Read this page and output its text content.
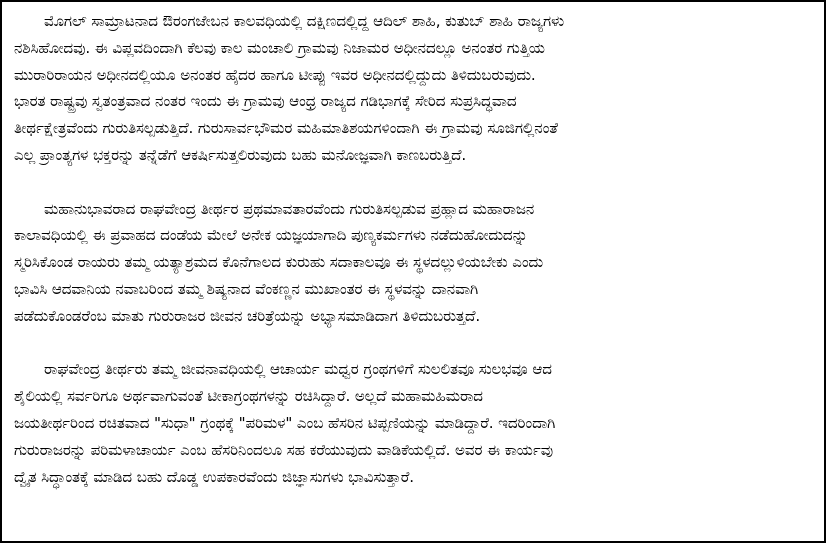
ಮೊಗಲ್ ಸಾಮ್ರಾಟನಾದ ಔರಂಗಜೇಬನ ಕಾಲವಧಿಯಲ್ಲಿ ದಕ್ಷಿಣದಲ್ಲಿದ್ದ ಆದಿಲ್ ಶಾಹಿ, ಕುತುಬ್ ಶಾಹಿ ರಾಜ್ಯಗಳು
ನಶಿಸಿಹೋದವು. ಈ ವಿಪ್ಲವದಿಂದಾಗಿ ಕೆಲವು ಕಾಲ ಮಂಚಾಲಿ ಗ್ರಾಮವು ನಿಜಾಮರ ಅಧೀನದಲ್ಲೂ ಅನಂತರ ಗುತ್ತಿಯ
ಮುರಾರಿರಾಯನ ಅಧೀನದಲ್ಲಿಯೂ ಅನಂತರ ಹೈದರ ಹಾಗೂ ಟೀಪ್ಪು ಇವರ ಅಧೀನದಲ್ಲಿದ್ದುದು ತಿಳಿದುಬರುವುದು.
ಭಾರತ ರಾಷ್ಟ್ರವು ಸ್ವತಂತ್ರವಾದ ನಂತರ ಇಂದು ಈ ಗ್ರಾಮವು ಆಂಧ್ರ ರಾಜ್ಯದ ಗಡಿಭಾಗಕ್ಕೆ ಸೇರಿದ ಸುಪ್ರಸಿದ್ಧವಾದ
ತೀರ್ಥಕ್ಷೇತ್ರವೆಂದು ಗುರುತಿಸಲ್ಪಡುತ್ತಿದೆ. ಗುರುಸಾರ್ವಭೌಮರ ಮಹಿಮಾತಿಶಯಗಳಿಂದಾಗಿ ಈ ಗ್ರಾಮವು ಸೂಜಿಗಲ್ಲಿನಂತೆ
ಎಲ್ಲ ಪ್ರಾಂತ್ಯಗಳ ಭಕ್ತರನ್ನು ತನ್ನೆಡೆಗೆ ಆಕರ್ಷಿಸುತ್ತಲಿರುವುದು ಬಹು ಮನೋಜ್ಞವಾಗಿ ಕಾಣಬರುತ್ತಿದೆ.
ಮಹಾನುಭಾವರಾದ ರಾಘವೇಂದ್ರ ತೀರ್ಥರ ಪ್ರಥಮಾವತಾರವೆಂದು ಗುರುತಿಸಲ್ಪಡುವ ಪ್ರಹ್ಲಾದ ಮಹಾರಾಜನ
ಕಾಲಾವಧಿಯಲ್ಲಿ ಈ ಪ್ರವಾಹದ ದಂಡೆಯ ಮೇಲೆ ಅನೇಕ ಯಜ್ಞಯಾಗಾದಿ ಪುಣ್ಯಕರ್ಮಗಳು ನಡೆದುಹೋದುದನ್ನು
ಸ್ಮರಿಸಿಕೊಂಡ ರಾಯರು ತಮ್ಮ ಯತ್ಯಾಶ್ರಮದ ಕೊನೆಗಾಲದ ಕುರುಹು ಸದಾಕಾಲವೂ ಈ ಸ್ಥಳದಲ್ಲುಳಿಯಬೇಕು ಎಂದು
ಭಾವಿಸಿ ಆದವಾನಿಯ ನವಾಬರಿಂದ ತಮ್ಮ ಶಿಷ್ಯನಾದ ವೆಂಕಣ್ಣನ ಮುಖಾಂತರ ಈ ಸ್ಥಳವನ್ನು ದಾನವಾಗಿ
ಪಡೆದುಕೊಂಡರೆಂಬ ಮಾತು ಗುರುರಾಜರ ಜೀವನ ಚರಿತ್ರೆಯನ್ನು ಅಭ್ಯಾಸಮಾಡಿದಾಗ ತಿಳಿದುಬರುತ್ತದೆ.
ರಾಘವೇಂದ್ರ ತೀರ್ಥರು ತಮ್ಮ ಜೀವನಾವಧಿಯಲ್ಲಿ ಆಚಾರ್ಯ ಮಧ್ವರ ಗ್ರಂಥಗಳಿಗೆ ಸುಲಲಿತವೂ ಸುಲಭವೂ ಆದ
ಶೈಲಿಯಲ್ಲಿ ಸರ್ವರಿಗೂ ಅರ್ಥವಾಗುವಂತೆ ಟೀಕಾಗ್ರಂಥಗಳನ್ನು ರಚಿಸಿದ್ದಾರೆ. ಅಲ್ಲದೆ ಮಹಾಮಹಿಮರಾದ
ಜಯತೀರ್ಥರಿಂದ ರಚಿತವಾದ "ಸುಧಾ" ಗ್ರಂಥಕ್ಕೆ "ಪರಿಮಳ" ಎಂಬ ಹೆಸರಿನ ಟಿಪ್ಪಣಿಯನ್ನು ಮಾಡಿದ್ದಾರೆ. ಇದರಿಂದಾಗಿ
ಗುರುರಾಜರನ್ನು ಪರಿಮಳಾಚಾರ್ಯ ಎಂಬ ಹೆಸರಿನಿಂದಲೂ ಸಹ ಕರೆಯುವುದು ವಾಡಿಕೆಯಲ್ಲಿದೆ. ಅವರ ಈ ಕಾರ್ಯವು
ದ್ವೈತ ಸಿದ್ಧಾಂತಕ್ಕೆ ಮಾಡಿದ ಬಹು ದೊಡ್ಡ ಉಪಕಾರವೆಂದು ಜಿಜ್ಞಾಸುಗಳು ಭಾವಿಸುತ್ತಾರೆ.
